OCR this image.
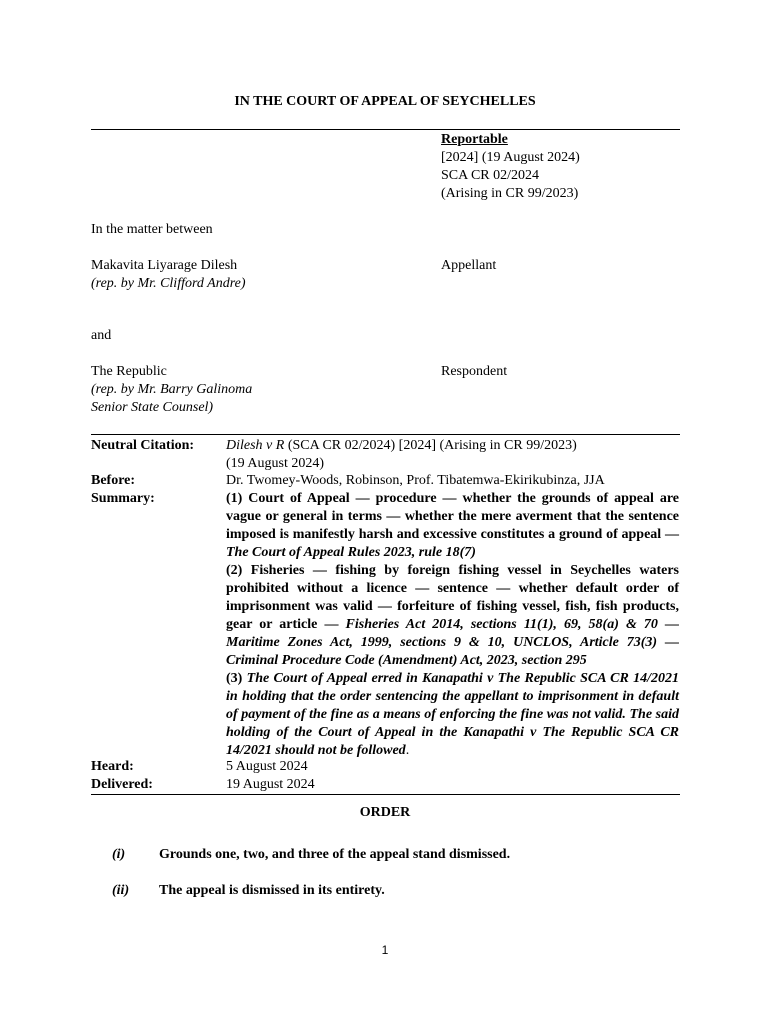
IN THE COURT OF APPEAL OF SEYCHELLES
Reportable
[2024] (19 August 2024)
SCA CR 02/2024
(Arising in CR 99/2023)
In the matter between
Makavita Liyarage Dilesh
(rep. by Mr. Clifford Andre)
Appellant
and
The Republic
(rep. by Mr. Barry Galinoma
Senior State Counsel)
Respondent
Neutral Citation: Dilesh v R (SCA CR 02/2024) [2024] (Arising in CR 99/2023)
(19 August 2024)
Before:	Dr. Twomey-Woods, Robinson, Prof. Tibatemwa-Ekirikubinza, JJA
Summary:	(1) Court of Appeal — procedure — whether the grounds of appeal are vague or general in terms — whether the mere averment that the sentence imposed is manifestly harsh and excessive constitutes a ground of appeal — The Court of Appeal Rules 2023, rule 18(7)

(2) Fisheries — fishing by foreign fishing vessel in Seychelles waters prohibited without a licence — sentence — whether default order of imprisonment was valid — forfeiture of fishing vessel, fish, fish products, gear or article — Fisheries Act 2014, sections 11(1), 69, 58(a) & 70 — Maritime Zones Act, 1999, sections 9 & 10, UNCLOS, Article 73(3) — Criminal Procedure Code (Amendment) Act, 2023, section 295

(3) The Court of Appeal erred in Kanapathi v The Republic SCA CR 14/2021 in holding that the order sentencing the appellant to imprisonment in default of payment of the fine as a means of enforcing the fine was not valid. The said holding of the Court of Appeal in the Kanapathi v The Republic SCA CR 14/2021 should not be followed.

Heard:	5 August 2024
Delivered:	19 August 2024
ORDER
(i) Grounds one, two, and three of the appeal stand dismissed.
(ii) The appeal is dismissed in its entirety.
1
